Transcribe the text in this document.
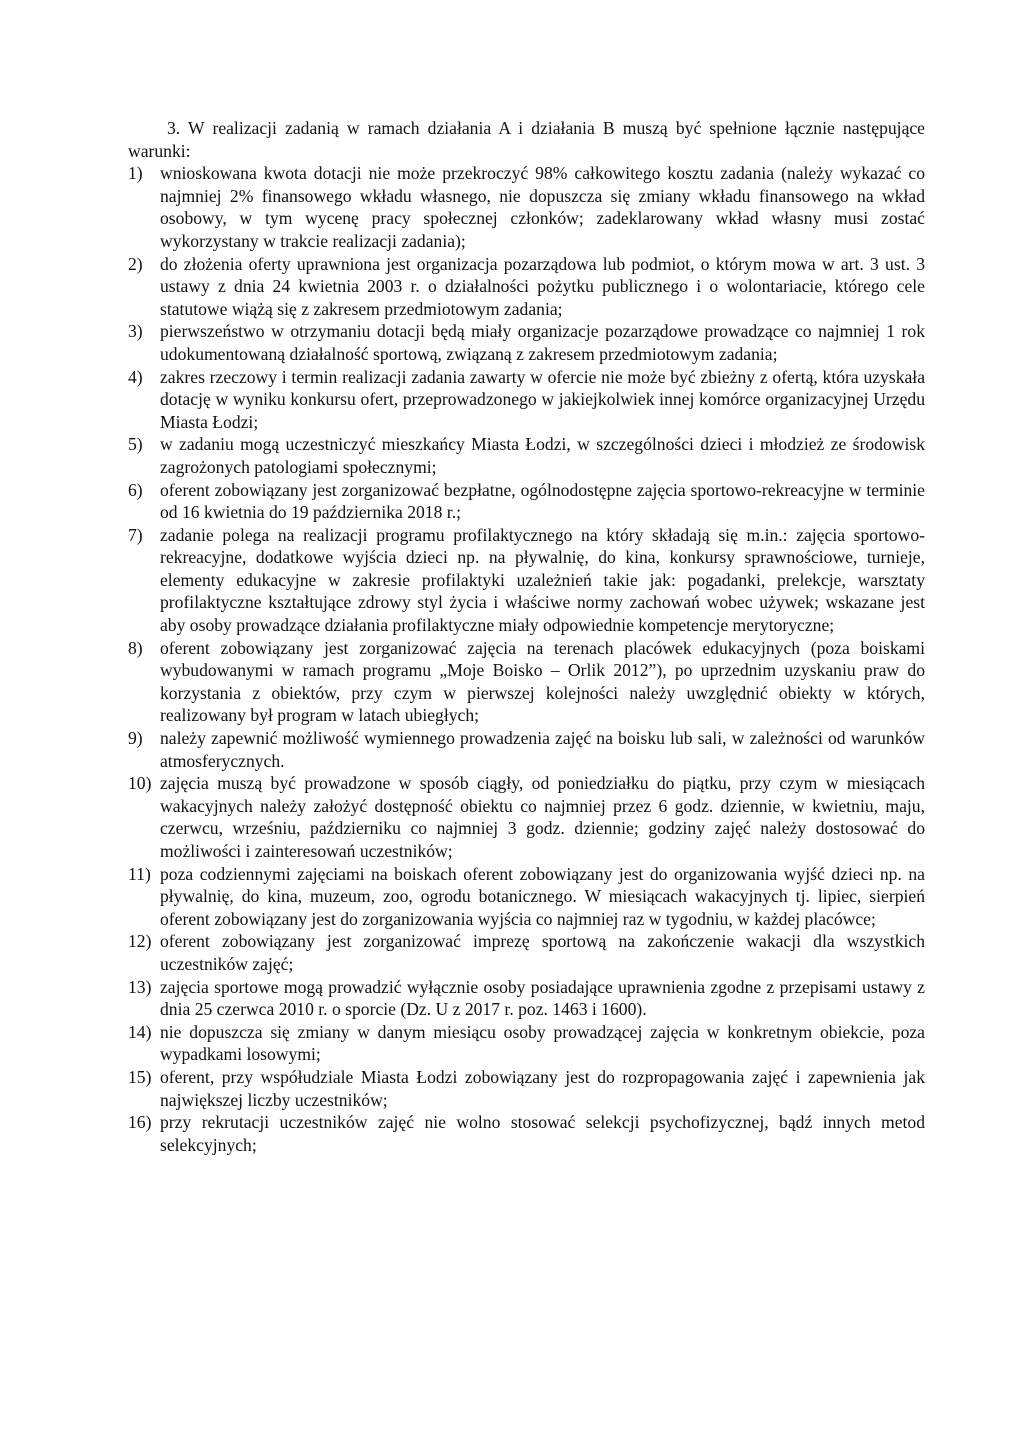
3. W realizacji zadanią w ramach działania A i działania B muszą być spełnione łącznie następujące warunki:

1) wnioskowana kwota dotacji nie może przekroczyć 98% całkowitego kosztu zadania (należy wykazać co najmniej 2% finansowego wkładu własnego, nie dopuszcza się zmiany wkładu finansowego na wkład osobowy, w tym wycenę pracy społecznej członków; zadeklarowany wkład własny musi zostać wykorzystany w trakcie realizacji zadania);
2) do złożenia oferty uprawniona jest organizacja pozarządowa lub podmiot, o którym mowa w art. 3 ust. 3 ustawy z dnia 24 kwietnia 2003 r. o działalności pożytku publicznego i o wolontariacie, którego cele statutowe wiążą się z zakresem przedmiotowym zadania;
3) pierwszeństwo w otrzymaniu dotacji będą miały organizacje pozarządowe prowadzące co najmniej 1 rok udokumentowaną działalność sportową, związaną z zakresem przedmiotowym zadania;
4) zakres rzeczowy i termin realizacji zadania zawarty w ofercie nie może być zbieżny z ofertą, która uzyskała dotację w wyniku konkursu ofert, przeprowadzonego w jakiejkolwiek innej komórce organizacyjnej Urzędu Miasta Łodzi;
5) w zadaniu mogą uczestniczyć mieszkańcy Miasta Łodzi, w szczególności dzieci i młodzież ze środowisk zagrożonych patologiami społecznymi;
6) oferent zobowiązany jest zorganizować bezpłatne, ogólnodostępne zajęcia sportowo-rekreacyjne w terminie od 16 kwietnia do 19 października 2018 r.;
7) zadanie polega na realizacji programu profilaktycznego na który składają się m.in.: zajęcia sportowo-rekreacyjne, dodatkowe wyjścia dzieci np. na pływalnię, do kina, konkursy sprawnościowe, turnieje, elementy edukacyjne w zakresie profilaktyki uzależnień takie jak: pogadanki, prelekcje, warsztaty profilaktyczne kształtujące zdrowy styl życia i właściwe normy zachowań wobec używek; wskazane jest aby osoby prowadzące działania profilaktyczne miały odpowiednie kompetencje merytoryczne;
8) oferent zobowiązany jest zorganizować zajęcia na terenach placówek edukacyjnych (poza boiskami wybudowanymi w ramach programu „Moje Boisko – Orlik 2012”), po uprzednim uzyskaniu praw do korzystania z obiektów, przy czym w pierwszej kolejności należy uwzględnić obiekty w których, realizowany był program w latach ubiegłych;
9) należy zapewnić możliwość wymiennego prowadzenia zajęć na boisku lub sali, w zależności od warunków atmosferycznych.
10) zajęcia muszą być prowadzone w sposób ciągły, od poniedziałku do piątku, przy czym w miesiącach wakacyjnych należy założyć dostępność obiektu co najmniej przez 6 godz. dziennie, w kwietniu, maju, czerwcu, wrześniu, październiku co najmniej 3 godz. dziennie; godziny zajęć należy dostosować do możliwości i zainteresowań uczestników;
11) poza codziennymi zajęciami na boiskach oferent zobowiązany jest do organizowania wyjść dzieci np. na pływalnię, do kina, muzeum, zoo, ogrodu botanicznego. W miesiącach wakacyjnych tj. lipiec, sierpień oferent zobowiązany jest do zorganizowania wyjścia co najmniej raz w tygodniu, w każdej placówce;
12) oferent zobowiązany jest zorganizować imprezę sportową na zakończenie wakacji dla wszystkich uczestników zajęć;
13) zajęcia sportowe mogą prowadzić wyłącznie osoby posiadające uprawnienia zgodne z przepisami ustawy z dnia 25 czerwca 2010 r. o sporcie (Dz. U z 2017 r. poz. 1463 i 1600).
14) nie dopuszcza się zmiany w danym miesiącu osoby prowadzącej zajęcia w konkretnym obiekcie, poza wypadkami losowymi;
15) oferent, przy współudziale Miasta Łodzi zobowiązany jest do rozpropagowania zajęć i zapewnienia jak największej liczby uczestników;
16) przy rekrutacji uczestników zajęć nie wolno stosować selekcji psychofizycznej, bądź innych metod selekcyjnych;
